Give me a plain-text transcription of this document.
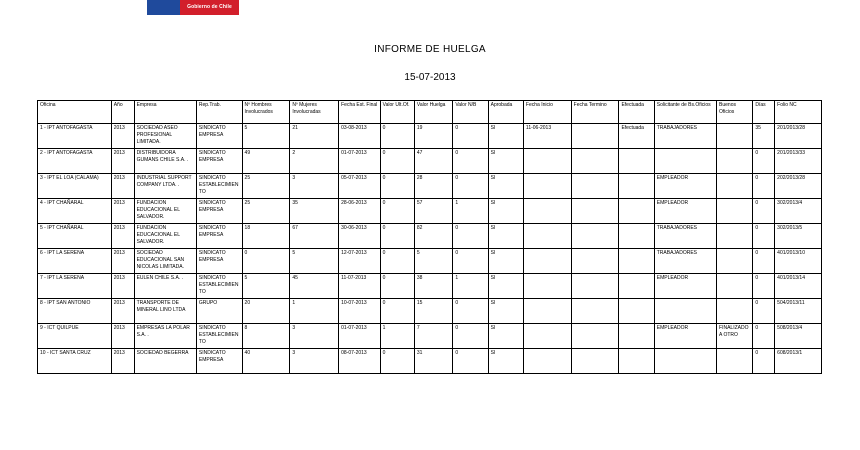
Gobierno de Chile
INFORME DE HUELGA
15-07-2013
Oficina	Año	Empresa	Rep.Trab.	Nº Hombres Involucrados	Nº Mujeres Involucradas	Fecha Est. Final	Valor Ult.Of.	Valor Huelga	Valor N/B	Aprobada	Fecha Inicio	Fecha Termino	Efectuada	Solicitante de Bs.Oficios	Buenos Oficios	Días	Folio NC
1 - IPT ANTOFAGASTA	2013	SOCIEDAD ASEO PROFESIONAL LIMITADA.	SINDICATO EMPRESA	5	21	03-08-2013	0	19	0	SI	11-06-2013		Efectuada	TRABAJADORES		35	201/2013/28
2 - IPT ANTOFAGASTA	2013	DISTRIBUIDORA GUMANS CHILE S.A. .	SINDICATO EMPRESA	49	2	01-07-2013	0	47	0	SI						0	201/2013/33
3 - IPT EL LOA (CALAMA)	2013	INDUSTRIAL SUPPORT COMPANY LTDA. .	SINDICATO ESTABLECIMIENTO	25	3	05-07-2013	0	28	0	SI				EMPLEADOR		0	202/2013/28
4 - IPT CHAÑARAL	2013	FUNDACION EDUCACIONAL EL SALVADOR.	SINDICATO EMPRESA	25	35	28-06-2013	0	57	1	SI				EMPLEADOR		0	302/2013/4
5 - IPT CHAÑARAL	2013	FUNDACION EDUCACIONAL EL SALVADOR.	SINDICATO EMPRESA	18	67	30-06-2013	0	82	0	SI				TRABAJADORES		0	302/2013/5
6 - IPT LA SERENA	2013	SOCIEDAD EDUCACIONAL SAN NICOLAS LIMITADA.	SINDICATO EMPRESA	0	5	12-07-2013	0	5	0	SI				TRABAJADORES		0	401/2013/10
7 - IPT LA SERENA	2013	EULEN CHILE S.A. .	SINDICATO ESTABLECIMIENTO	5	45	11-07-2013	0	38	1	SI				EMPLEADOR		0	401/2013/14
8 - IPT SAN ANTONIO	2013	TRANSPORTE DE MINERAL LINO LTDA	GRUPO	20	1	10-07-2013	0	15	0	SI						0	504/2013/11
9 - ICT QUILPUE	2013	EMPRESAS LA POLAR S.A. .	SINDICATO ESTABLECIMIENTO	8	3	01-07-2013	1	7	0	SI				EMPLEADOR	FINALIZADO A OTRO	0	508/2013/4
10 - ICT SANTA CRUZ	2013	SOCIEDAD BEGERRA	SINDICATO EMPRESA	40	3	08-07-2013	0	31	0	SI						0	608/2013/1
